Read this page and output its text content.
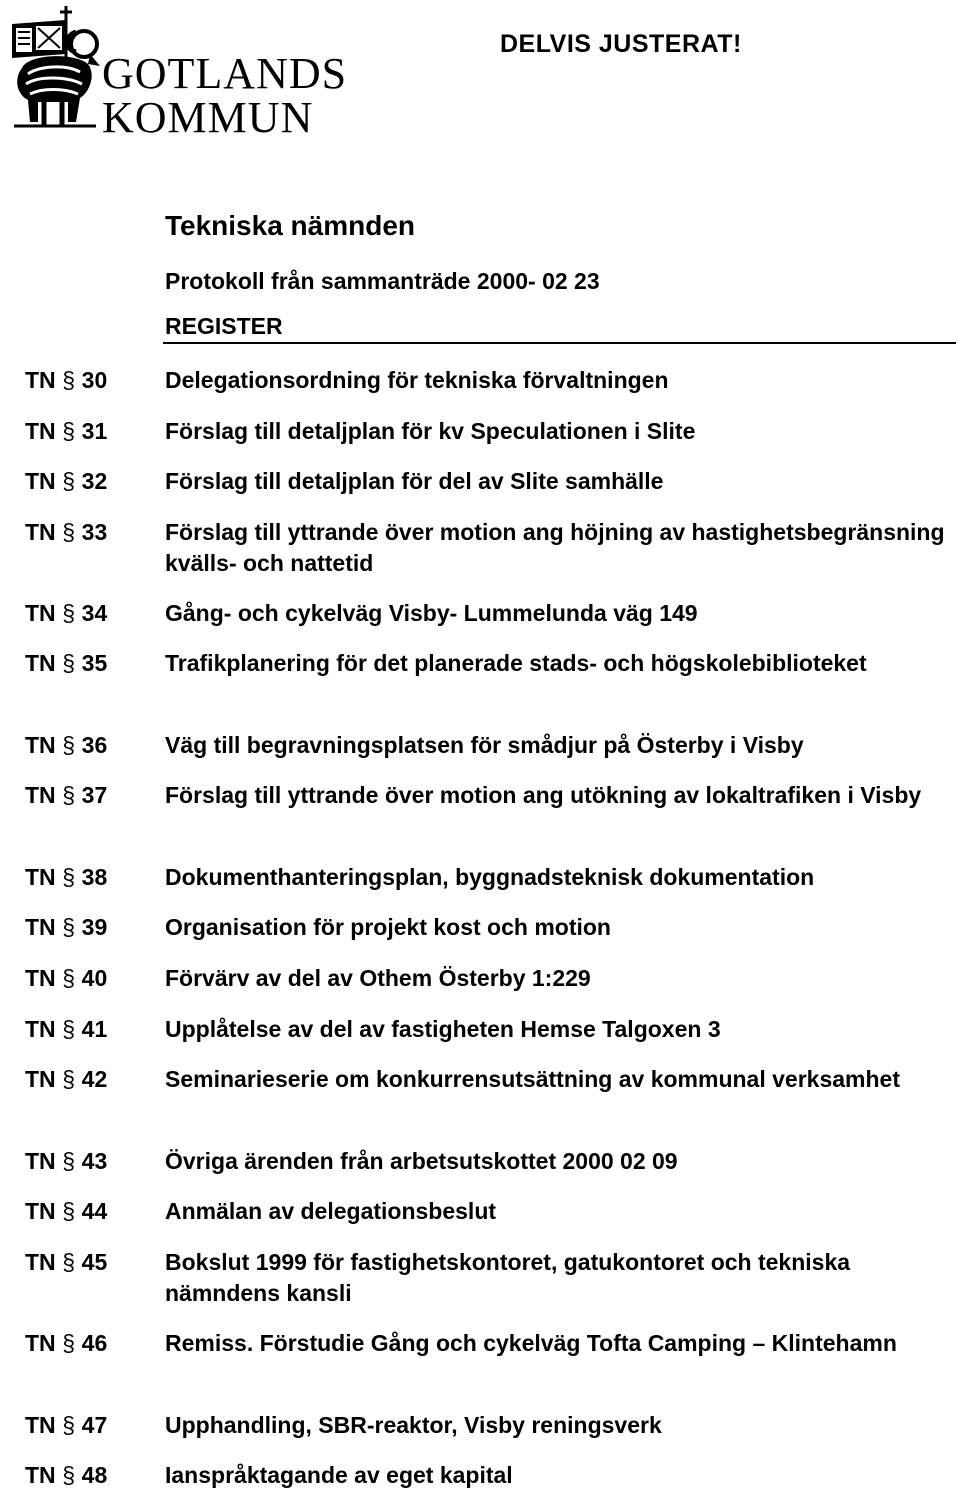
GOTLANDS
KOMMUN
DELVIS JUSTERAT!
Tekniska nämnden
Protokoll från sammanträde 2000- 02 23
REGISTER
TN § 30	Delegationsordning för tekniska förvaltningen
TN § 31	Förslag till detaljplan för kv Speculationen i Slite
TN § 32	Förslag till detaljplan för del av Slite samhälle
TN § 33	Förslag till yttrande över motion ang höjning av hastighetsbegränsning kvälls- och nattetid
TN § 34	Gång- och cykelväg Visby- Lummelunda väg 149
TN § 35	Trafikplanering för det planerade stads- och högskolebiblioteket
TN § 36	Väg till begravningsplatsen för smådjur på Österby i Visby
TN § 37	Förslag till yttrande över motion ang utökning av lokaltrafiken i Visby
TN § 38	Dokumenthanteringsplan, byggnadsteknisk dokumentation
TN § 39	Organisation för projekt kost och motion
TN § 40	Förvärv av del av Othem Österby 1:229
TN § 41	Upplåtelse av del av fastigheten Hemse Talgoxen 3
TN § 42	Seminarieserie om konkurrensutsättning av kommunal verksamhet
TN § 43	Övriga ärenden från arbetsutskottet 2000 02 09
TN § 44	Anmälan av delegationsbeslut
TN § 45	Bokslut 1999 för fastighetskontoret, gatukontoret och tekniska nämndens kansli
TN § 46	Remiss. Förstudie Gång och cykelväg Tofta Camping – Klintehamn
TN § 47	Upphandling, SBR-reaktor, Visby reningsverk
TN § 48	Ianspråktagande av eget kapital
